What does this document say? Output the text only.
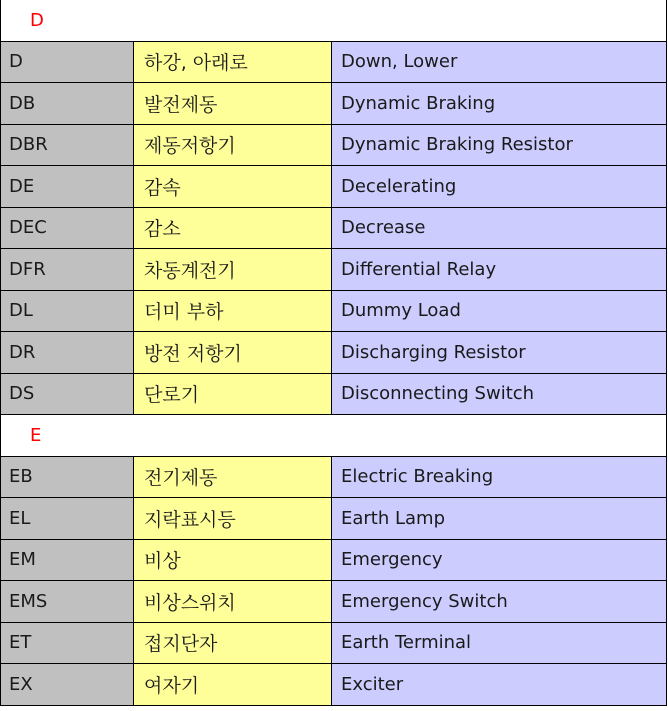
D
D	하강, 아래로	Down, Lower
DB	발전제동	Dynamic Braking
DBR	제동저항기	Dynamic Braking Resistor
DE	감속	Decelerating
DEC	감소	Decrease
DFR	차동계전기	Differential Relay
DL	더미 부하	Dummy Load
DR	방전 저항기	Discharging Resistor
DS	단로기	Disconnecting Switch
E
EB	전기제동	Electric Breaking
EL	지락표시등	Earth Lamp
EM	비상	Emergency
EMS	비상스위치	Emergency Switch
ET	접지단자	Earth Terminal
EX	여자기	Exciter
